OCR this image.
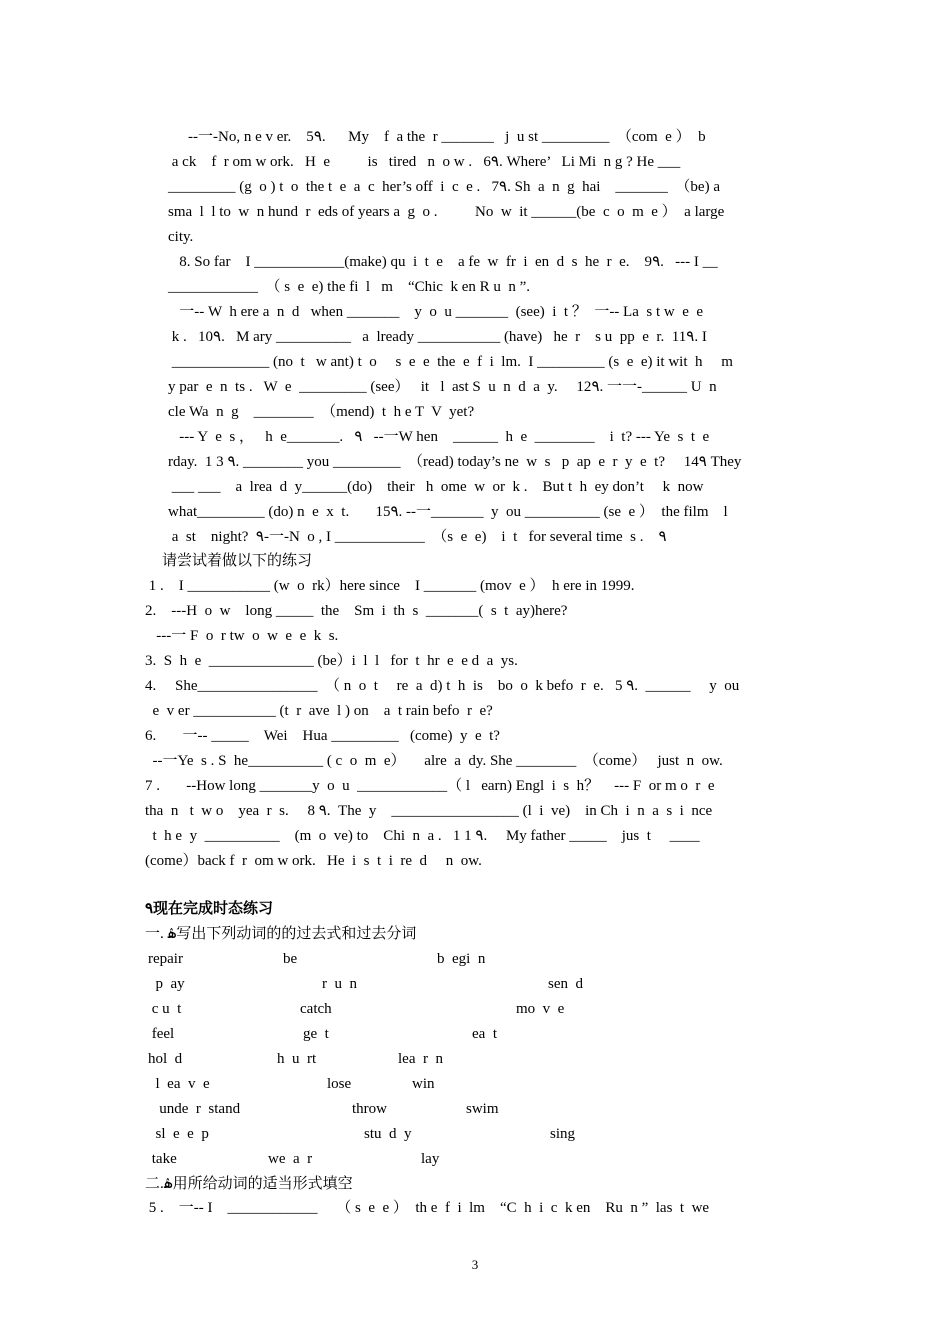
--一-No, n e v er.    5٩.      My    f  a the  r _______   j  u st _________  （com  e ）  b
a ck    f  r om w ork.   H  e          is   tired   n  o w .   6٩. Where’   Li Mi  n g ? He ___
_________ (g  o ) t  o  the t  e  a  c  her’s off  i  c  e .   7٩. Sh  a  n  g  hai    _______  （be) a
sma  l  l to  w  n hund  r  eds of years a  g  o .          No  w  it ______(be  c  o  m  e ）  a large
city.
8. So far    I ____________(make) qu  i  t  e    a fe  w  fr  i  en  d  s  he  r  e.    9٩.   --- I __
____________  （ s  e  e) the fi  l   m    “Chic  k en R u  n ”.
一-- W  h ere a  n  d   when _______    y  o  u _______  (see)  i  t ？  一-- La  s t w  e  e
k .   10٩.   M ary __________   a  lready ___________ (have)   he  r    s u  pp  e  r.  11٩. I
_____________ (no  t   w ant) t  o     s  e  e  the  e  f  i  lm.  I _________ (s  e  e) it wit  h     m
y par  e  n  ts .   W  e  _________ (see）   it   l  ast S  u  n  d  a  y.     12٩. 一一-______ U  n
cle Wa  n  g    ________  （mend)  t  h e T  V  yet?
--- Y  e  s ，   h  e_______.   ٩   --一W hen    ______  h  e  ________    i  t? --- Ye  s  t  e
rday.  1 3 ٩. ________ you _________  （read) today’s ne  w  s   p  ap  e  r  y  e  t?     14٩ They
___ ___    a  lrea  d  y______(do)    their   h  ome  w  or  k .    But t  h  ey don’t     k  now
what_________ (do) n  e  x  t.       15٩. --一_______  y  ou __________ (se  e ）  the film    l
a  st    night?  ٩-一-N  o , I ____________  （s  e  e)    i  t   for several time  s .    ٩
请尝试着做以下的练习
1 .    I ___________ (w  o  rk）here since    I _______ (mov  e ）  h ere in 1999.
2.    ---H  o  w    long _____  the    Sm  i  th  s  _______(  s  t  ay)here?
---一 F  o  r tw  o  w  e  e  k  s.
3.  S  h  e  ______________ (be）i  l  l   for  t  hr  e  e d  a  ys.
4.     She________________  （ n  o  t     re  a  d) t  h  is    bo  o  k befo  r  e.   5 ٩.  ______     y  ou
e  v er ___________ (t  r  ave  l ) on    a  t rain befo  r  e?
6.       一-- _____    Wei    Hua _________   (come)  y  e  t?
--一Ye  s . S  he__________ ( c  o  m  e）     alre  a  dy. She ________  （come）   just  n  ow.
7 .       --How long _______y  o  u  ____________（ l   earn) Engl  i  s  h？    --- F  or m o  r  e
tha  n   t  w o    yea  r  s.     8 ٩.  The  y    _________________ (l  i  ve)    in Ch  i  n  a  s  i  nce
t  h e  y  __________    (m  o  ve) to    Chi  n  a .   1 1 ٩.     My father _____    jus  t     ____
(come）back f  r  om w ork.   He  i  s  t  i  re  d     n  ow.
٩现在完成时态练习
一. ۿ写出下列动词的的过去式和过去分词
repair	be	b  egi  n
p  ay	r  u  n	sen  d
c u  t	catch	mo  v  e
feel	ge  t	ea  t
hol  d	h  u  rt	lea  r  n
l  ea  v  e	lose	win
unde  r  stand	throw	swim
sl  e  e  p	stu  d  y	sing
take	we  a  r	lay
二.ۿ用所给动词的适当形式填空
5 .    一-- I    ____________     （ s  e  e ）  th e  f  i  lm    “C  h  i  c  k en    Ru  n ”  las  t  we
3
